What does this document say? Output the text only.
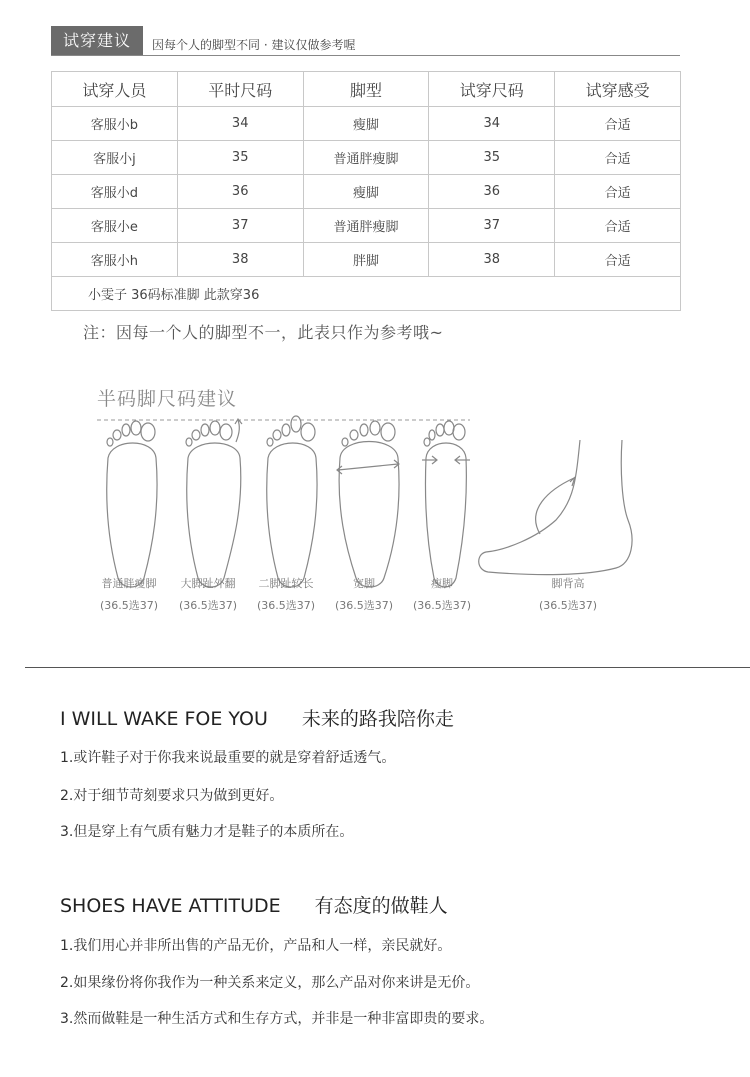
试穿建议	因每个人的脚型不同 · 建议仅做参考喔
试穿人员	平时尺码	脚型	试穿尺码	试穿感受
客服小b	34	瘦脚	34	合适
客服小j	35	普通胖瘦脚	35	合适
客服小d	36	瘦脚	36	合适
客服小e	37	普通胖瘦脚	37	合适
客服小h	38	胖脚	38	合适
小雯子 36码标准脚 此款穿36				
注：因每一个人的脚型不一，此表只作为参考哦~
半码脚尺码建议
普通胖瘦脚
(36.5选37)
大脚趾外翻
(36.5选37)
二脚趾较长
(36.5选37)
宽脚
(36.5选37)
瘦脚
(36.5选37)
脚背高
(36.5选37)
I WILL WAKE FOE YOU 未来的路我陪你走
1.或许鞋子对于你我来说最重要的就是穿着舒适透气。
2.对于细节苛刻要求只为做到更好。
3.但是穿上有气质有魅力才是鞋子的本质所在。
SHOES HAVE ATTITUDE 有态度的做鞋人
1.我们用心并非所出售的产品无价，产品和人一样，亲民就好。
2.如果缘份将你我作为一种关系来定义，那么产品对你来讲是无价。
3.然而做鞋是一种生活方式和生存方式，并非是一种非富即贵的要求。
